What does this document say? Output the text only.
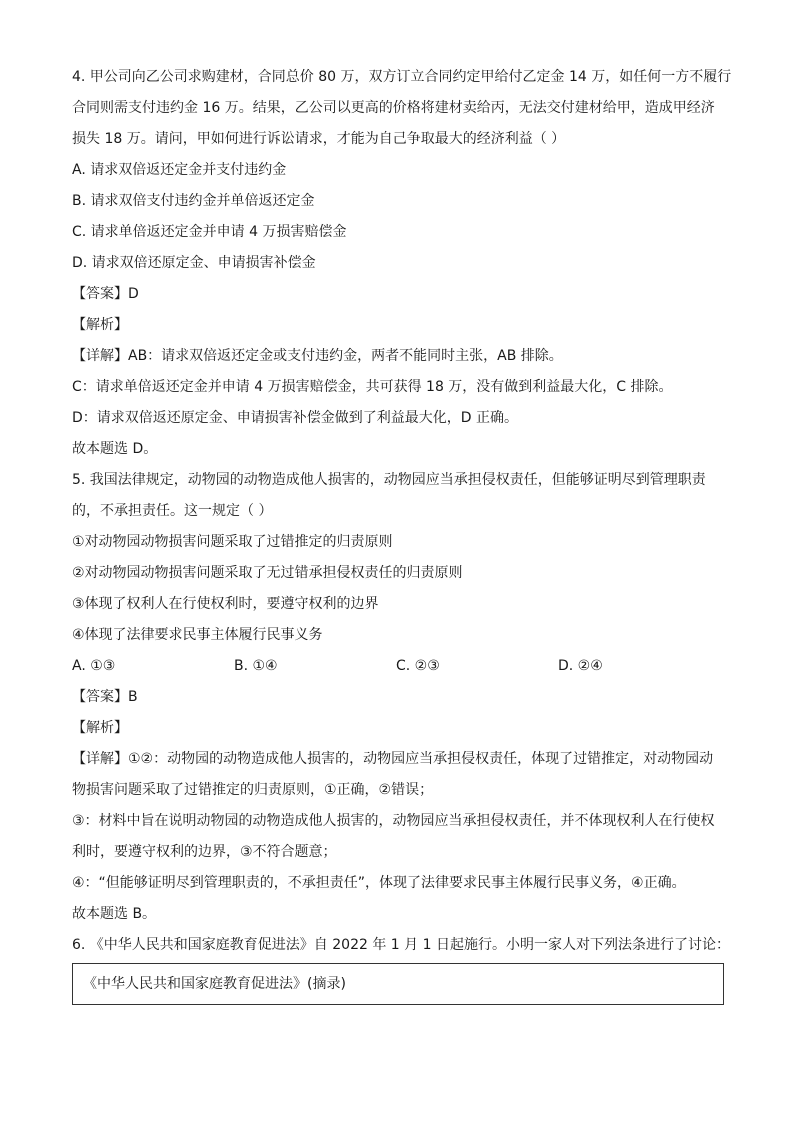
4. 甲公司向乙公司求购建材，合同总价 80 万，双方订立合同约定甲给付乙定金 14 万，如任何一方不履行
合同则需支付违约金 16 万。结果，乙公司以更高的价格将建材卖给丙，无法交付建材给甲，造成甲经济
损失 18 万。请问，甲如何进行诉讼请求，才能为自己争取最大的经济利益（ ）
A. 请求双倍返还定金并支付违约金
B. 请求双倍支付违约金并单倍返还定金
C. 请求单倍返还定金并申请 4 万损害赔偿金
D. 请求双倍还原定金、申请损害补偿金
【答案】D
【解析】
【详解】AB：请求双倍返还定金或支付违约金，两者不能同时主张，AB 排除。
C：请求单倍返还定金并申请 4 万损害赔偿金，共可获得 18 万，没有做到利益最大化，C 排除。
D：请求双倍返还原定金、申请损害补偿金做到了利益最大化，D 正确。
故本题选 D。
5. 我国法律规定，动物园的动物造成他人损害的，动物园应当承担侵权责任，但能够证明尽到管理职责
的，不承担责任。这一规定（ ）
①对动物园动物损害问题采取了过错推定的归责原则
②对动物园动物损害问题采取了无过错承担侵权责任的归责原则
③体现了权利人在行使权利时，要遵守权利的边界
④体现了法律要求民事主体履行民事义务
A. ①③	B. ①④	C. ②③	D. ②④
【答案】B
【解析】
【详解】①②：动物园的动物造成他人损害的，动物园应当承担侵权责任，体现了过错推定，对动物园动
物损害问题采取了过错推定的归责原则，①正确，②错误；
③：材料中旨在说明动物园的动物造成他人损害的，动物园应当承担侵权责任，并不体现权利人在行使权
利时，要遵守权利的边界，③不符合题意；
④：“但能够证明尽到管理职责的，不承担责任”，体现了法律要求民事主体履行民事义务，④正确。
故本题选 B。
6. 《中华人民共和国家庭教育促进法》自 2022 年 1 月 1 日起施行。小明一家人对下列法条进行了讨论：
《中华人民共和国家庭教育促进法》(摘录)
